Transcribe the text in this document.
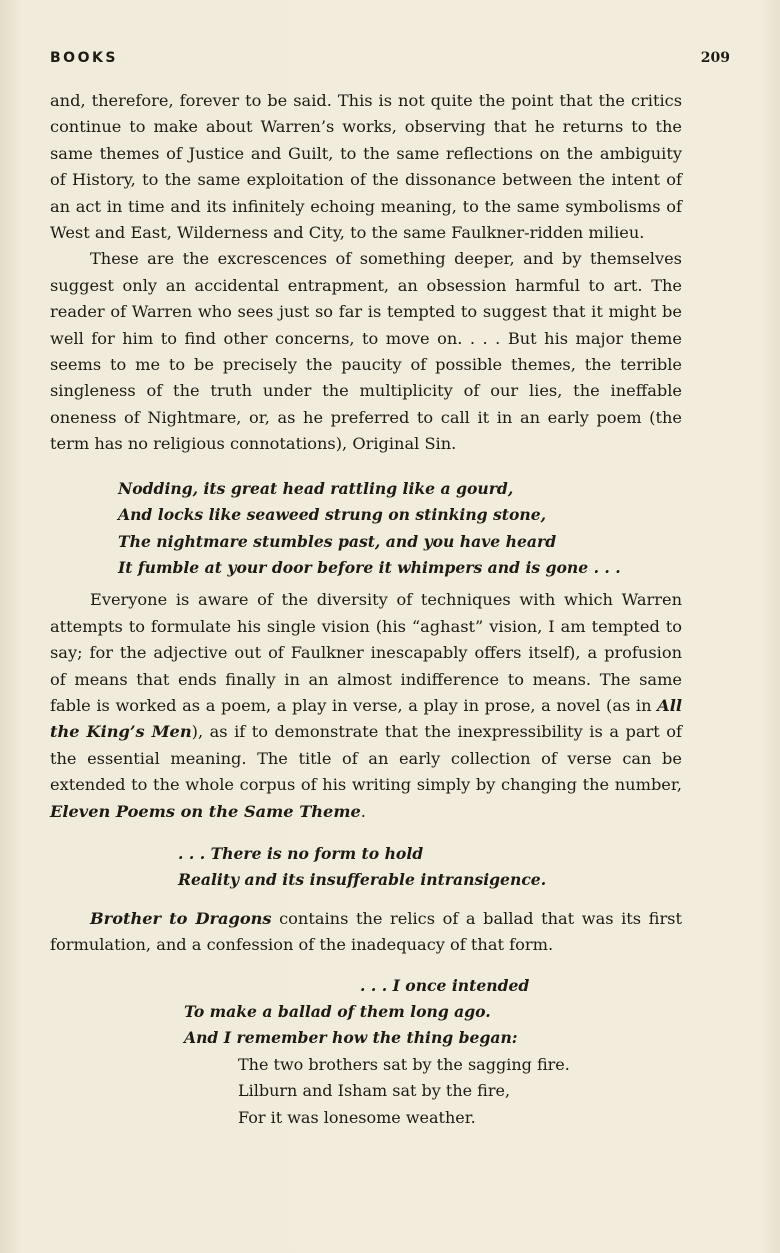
BOOKS	209

and, therefore, forever to be said. This is not quite the point that the critics continue to make about Warren’s works, observing that he returns to the same themes of Justice and Guilt, to the same reflections on the ambiguity of History, to the same exploitation of the dissonance between the intent of an act in time and its infinitely echoing meaning, to the same symbolisms of West and East, Wilderness and City, to the same Faulkner-ridden milieu.

These are the excrescences of something deeper, and by themselves suggest only an accidental entrapment, an obsession harmful to art. The reader of Warren who sees just so far is tempted to suggest that it might be well for him to find other concerns, to move on. . . . But his major theme seems to me to be precisely the paucity of possible themes, the terrible singleness of the truth under the multiplicity of our lies, the ineffable oneness of Nightmare, or, as he preferred to call it in an early poem (the term has no religious connotations), Original Sin.

Nodding, its great head rattling like a gourd,
And locks like seaweed strung on stinking stone,
The nightmare stumbles past, and you have heard
It fumble at your door before it whimpers and is gone . . .

Everyone is aware of the diversity of techniques with which Warren attempts to formulate his single vision (his “aghast” vision, I am tempted to say; for the adjective out of Faulkner inescapably offers itself), a profusion of means that ends finally in an almost indifference to means. The same fable is worked as a poem, a play in verse, a play in prose, a novel (as in All the King’s Men), as if to demonstrate that the inexpressibility is a part of the essential meaning. The title of an early collection of verse can be extended to the whole corpus of his writing simply by changing the number, Eleven Poems on the Same Theme.

. . . There is no form to hold
Reality and its insufferable intransigence.

Brother to Dragons contains the relics of a ballad that was its first formulation, and a confession of the inadequacy of that form.

. . . I once intended
To make a ballad of them long ago.
And I remember how the thing began:
The two brothers sat by the sagging fire.
Lilburn and Isham sat by the fire,
For it was lonesome weather.
